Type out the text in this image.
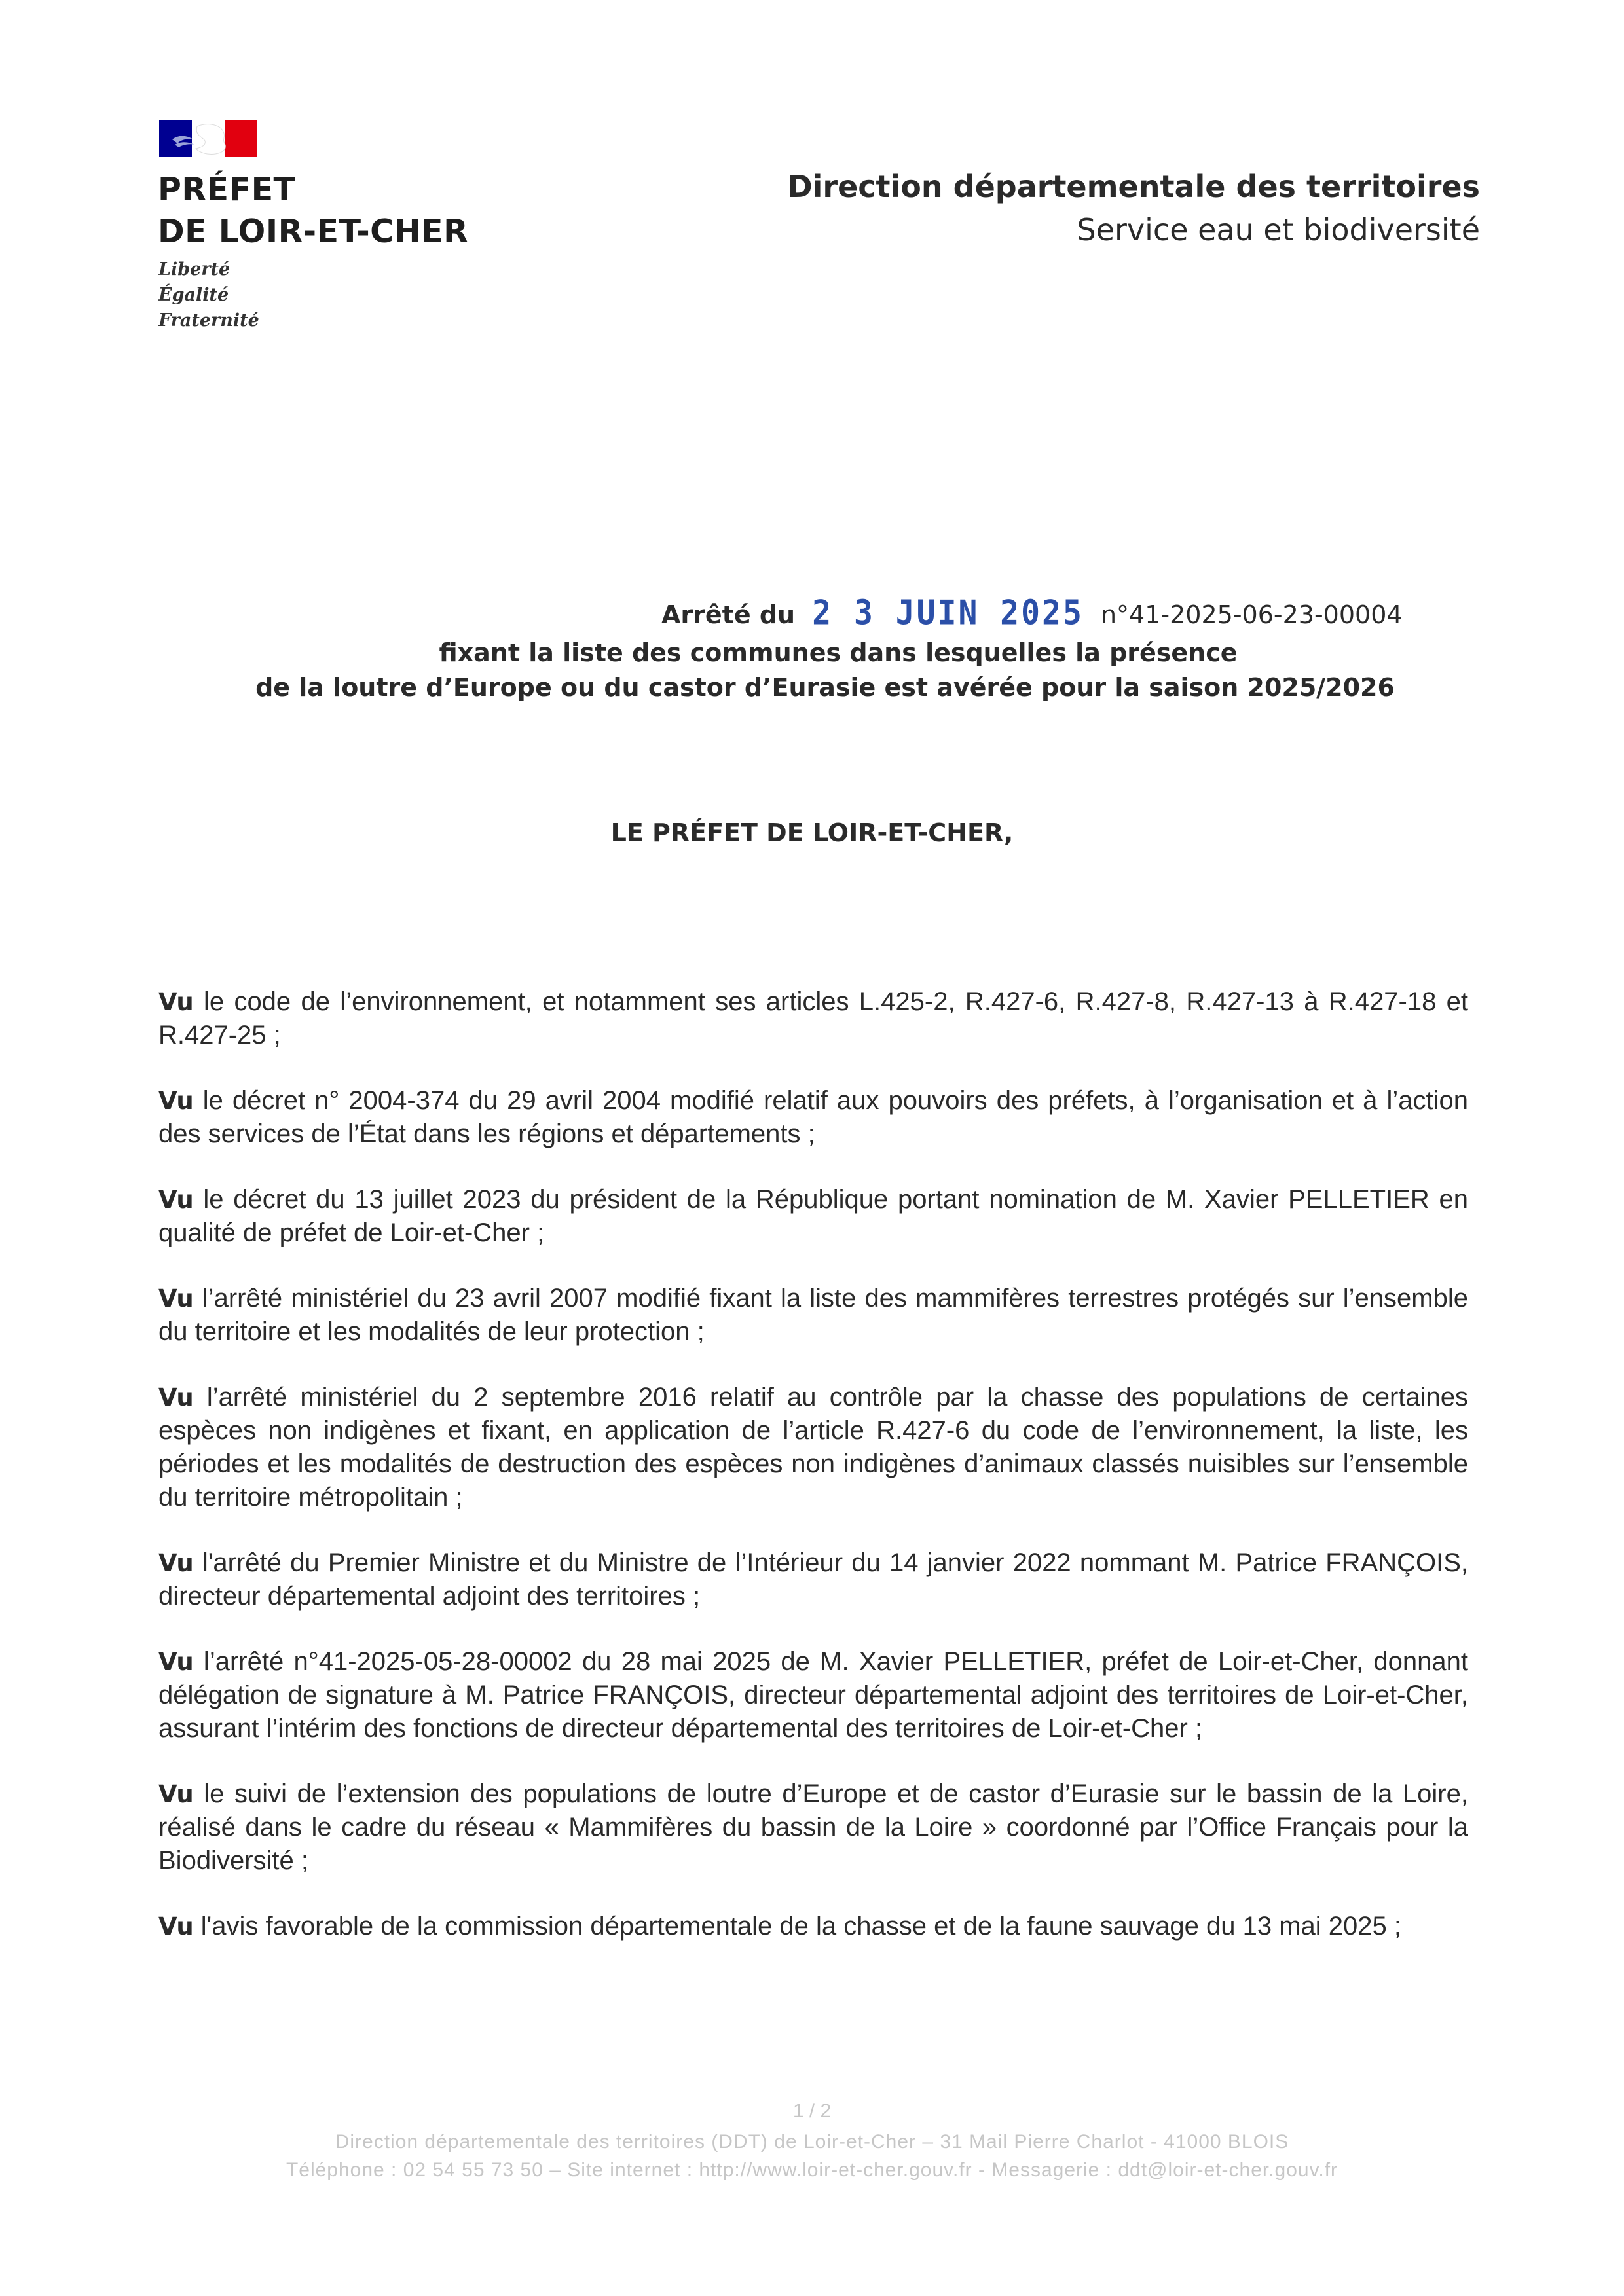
PRÉFET
DE LOIR-ET-CHER
Liberté
Égalité
Fraternité
Direction départementale des territoires
Service eau et biodiversité
Arrêté du 2 3 JUIN 2025 n°41-2025-06-23-00004
fixant la liste des communes dans lesquelles la présence
de la loutre d’Europe ou du castor d’Eurasie est avérée pour la saison 2025/2026
LE PRÉFET DE LOIR-ET-CHER,

Vu le code de l’environnement, et notamment ses articles L.425-2, R.427-6, R.427-8, R.427-13 à R.427-18 et R.427-25 ;

Vu le décret n° 2004-374 du 29 avril 2004 modifié relatif aux pouvoirs des préfets, à l’organisation et à l’action des services de l’État dans les régions et départements ;

Vu le décret du 13 juillet 2023 du président de la République portant nomination de M. Xavier PELLETIER en qualité de préfet de Loir-et-Cher ;

Vu l’arrêté ministériel du 23 avril 2007 modifié fixant la liste des mammifères terrestres protégés sur l’ensemble du territoire et les modalités de leur protection ;

Vu l’arrêté ministériel du 2 septembre 2016 relatif au contrôle par la chasse des populations de certaines espèces non indigènes et fixant, en application de l’article R.427-6 du code de l’environnement, la liste, les périodes et les modalités de destruction des espèces non indigènes d’animaux classés nuisibles sur l’ensemble du territoire métropolitain ;

Vu l'arrêté du Premier Ministre et du Ministre de l’Intérieur du 14 janvier 2022 nommant M. Patrice FRANÇOIS, directeur départemental adjoint des territoires ;

Vu l’arrêté n°41-2025-05-28-00002 du 28 mai 2025 de M. Xavier PELLETIER, préfet de Loir-et-Cher, donnant délégation de signature à M. Patrice FRANÇOIS, directeur départemental adjoint des territoires de Loir-et-Cher, assurant l’intérim des fonctions de directeur départemental des territoires de Loir-et-Cher ;

Vu le suivi de l’extension des populations de loutre d’Europe et de castor d’Eurasie sur le bassin de la Loire, réalisé dans le cadre du réseau « Mammifères du bassin de la Loire » coordonné par l’Office Français pour la Biodiversité ;

Vu l'avis favorable de la commission départementale de la chasse et de la faune sauvage du 13 mai 2025 ;

1 / 2
Direction départementale des territoires (DDT) de Loir-et-Cher – 31 Mail Pierre Charlot - 41000 BLOIS
Téléphone : 02 54 55 73 50 – Site internet : http://www.loir-et-cher.gouv.fr - Messagerie : ddt@loir-et-cher.gouv.fr
